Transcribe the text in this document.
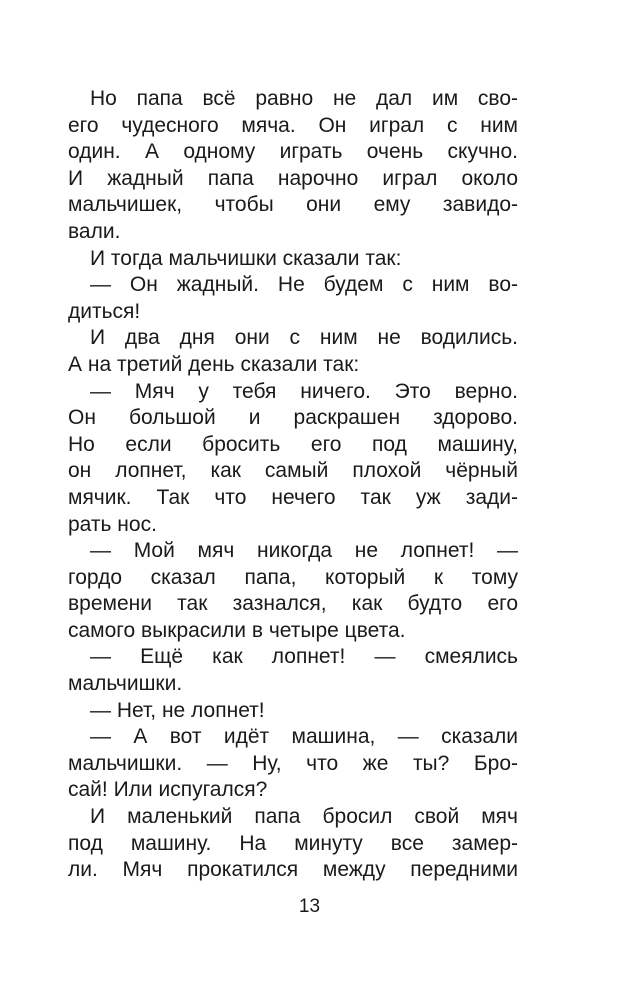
Но папа всё равно не дал им сво-
его чудесного мяча. Он играл с ним
один. А одному играть очень скучно.
И жадный папа нарочно играл около
мальчишек, чтобы они ему завидо-
вали.
И тогда мальчишки сказали так:
— Он жадный. Не будем с ним во-
диться!
И два дня они с ним не водились.
А на третий день сказали так:
— Мяч у тебя ничего. Это верно.
Он большой и раскрашен здорово.
Но если бросить его под машину,
он лопнет, как самый плохой чёрный
мячик. Так что нечего так уж зади-
рать нос.
— Мой мяч никогда не лопнет! —
гордо сказал папа, который к тому
времени так зазнался, как будто его
самого выкрасили в четыре цвета.
— Ещё как лопнет! — смеялись
мальчишки.
— Нет, не лопнет!
— А вот идёт машина, — сказали
мальчишки. — Ну, что же ты? Бро-
сай! Или испугался?
И маленький папа бросил свой мяч
под машину. На минуту все замер-
ли. Мяч прокатился между передними
13
